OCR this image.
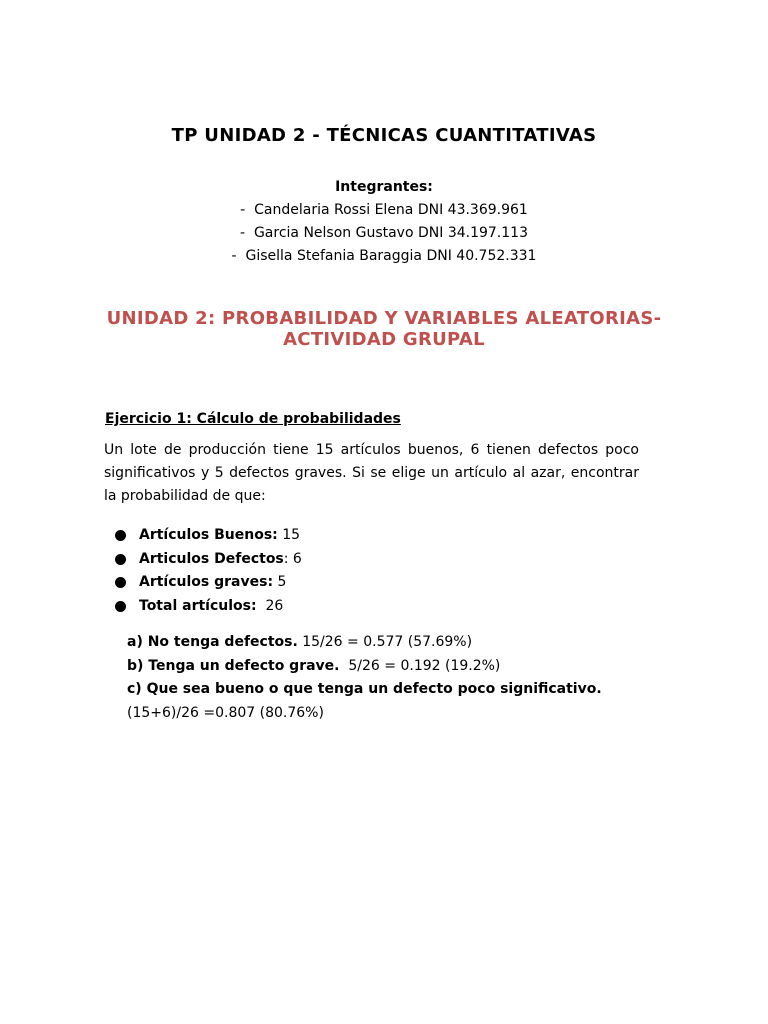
TP UNIDAD 2 - TÉCNICAS CUANTITATIVAS
Integrantes:
-  Candelaria Rossi Elena DNI 43.369.961
-  Garcia Nelson Gustavo DNI 34.197.113
-  Gisella Stefania Baraggia DNI 40.752.331
UNIDAD 2: PROBABILIDAD Y VARIABLES ALEATORIAS-
ACTIVIDAD GRUPAL
Ejercicio 1: Cálculo de probabilidades
Un lote de producción tiene 15 artículos buenos, 6 tienen defectos poco significativos y 5 defectos graves. Si se elige un artículo al azar, encontrar la probabilidad de que:
Artículos Buenos: 15
Articulos Defectos : 6
Artículos graves: 5
Total artículos: 26
a) No tenga defectos. 15/26 = 0.577 (57.69%)
b) Tenga un defecto grave.  5/26 = 0.192 (19.2%)
c) Que sea bueno o que tenga un defecto poco significativo.
(15+6)/26 =0.807 (80.76%)
